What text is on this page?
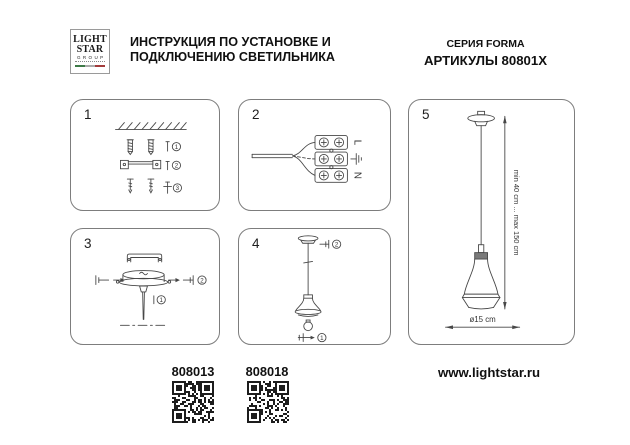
LIGHT
STAR
GROUP
ИНСТРУКЦИЯ ПО УСТАНОВКЕ И
ПОДКЛЮЧЕНИЮ СВЕТИЛЬНИКА
СЕРИЯ FORMA
АРТИКУЛЫ 80801X
1
1
2
3
2
L
N
3
2
1
4	2
1
5
min 40 cm ... max 150 cm
ø15 cm
808013	808018	www.lightstar.ru
